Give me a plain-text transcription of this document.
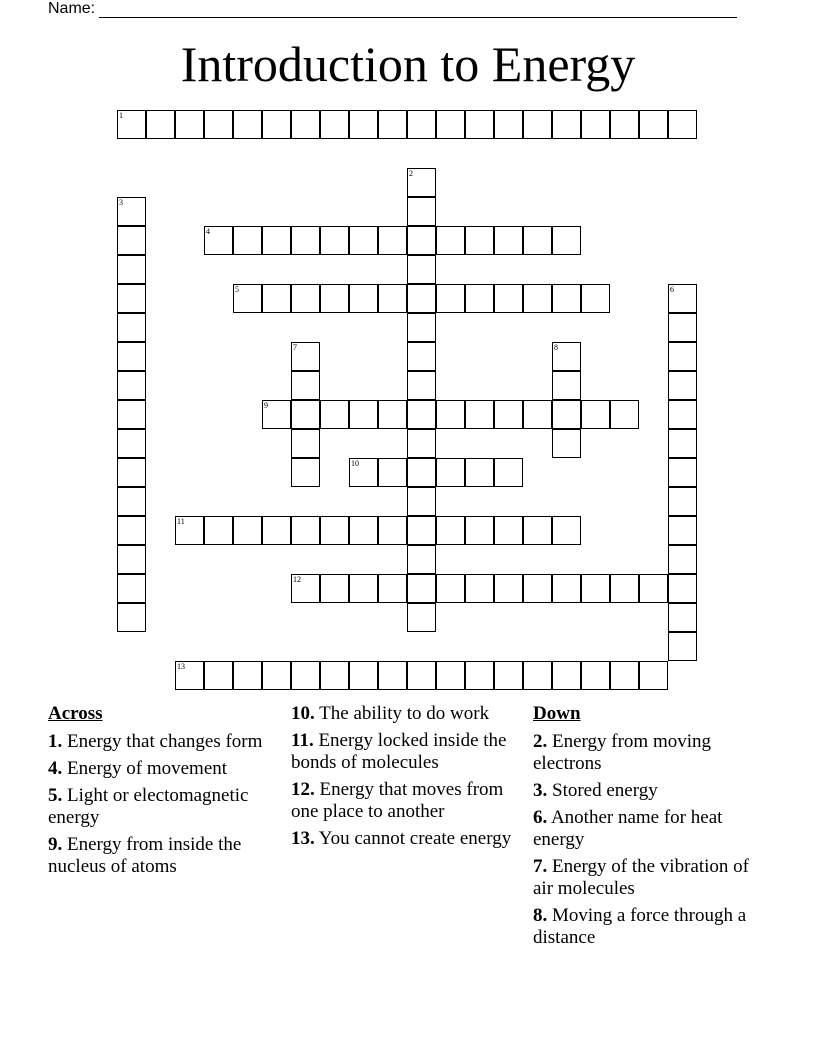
Name:
Introduction to Energy
1
2
3
4
5	6
7	8
9
10
11
12
13
Across
1. Energy that changes form
4. Energy of movement
5. Light or electomagnetic energy
9. Energy from inside the nucleus of atoms
10. The ability to do work
11. Energy locked inside the bonds of molecules
12. Energy that moves from one place to another
13. You cannot create energy
Down
2. Energy from moving electrons
3. Stored energy
6. Another name for heat energy
7. Energy of the vibration of air molecules
8. Moving a force through a distance
